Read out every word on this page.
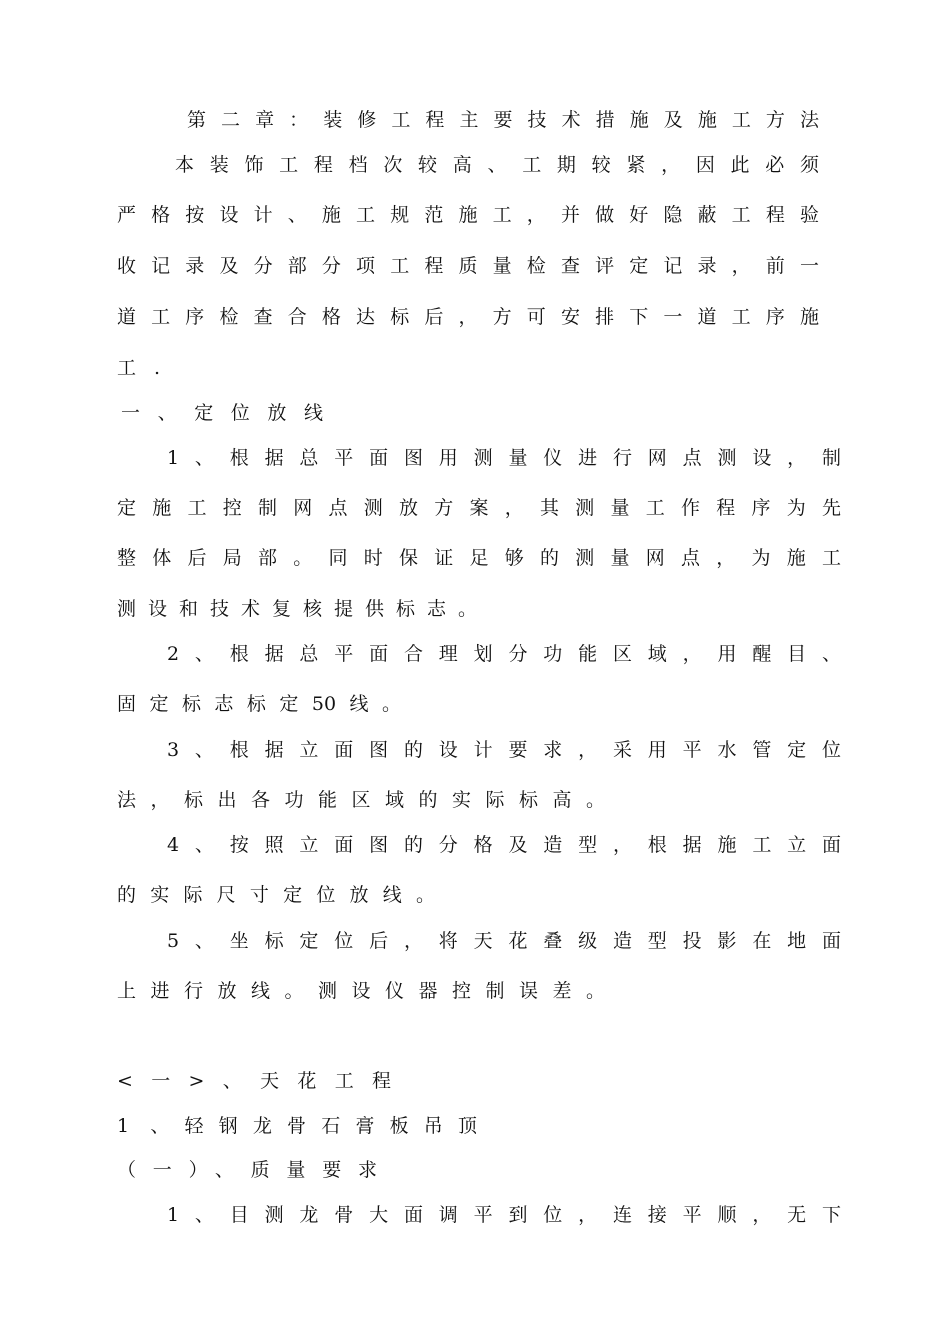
第二章：装修工程主要技术措施及施工方法

本装饰工程档次较高、工期较紧，因此必须

严格按设计、施工规范施工，并做好隐蔽工程验

收记录及分部分项工程质量检查评定记录，前一

道工序检查合格达标后，方可安排下一道工序施

工.

一、定位放线

1、根据总平面图用测量仪进行网点测设，制

定施工控制网点测放方案，其测量工作程序为先

整体后局部。同时保证足够的测量网点，为施工

测设和技术复核提供标志。

2、根据总平面合理划分功能区域，用醒目、

固定标志标定50线。

3、根据立面图的设计要求，采用平水管定位

法，标出各功能区域的实际标高。

4、按照立面图的分格及造型，根据施工立面

的实际尺寸定位放线。

5、坐标定位后，将天花叠级造型投影在地面

上进行放线。测设仪器控制误差。

<一>、天花工程

1 、轻钢龙骨石膏板吊顶

（一）、质量要求

1、目测龙骨大面调平到位，连接平顺，无下
